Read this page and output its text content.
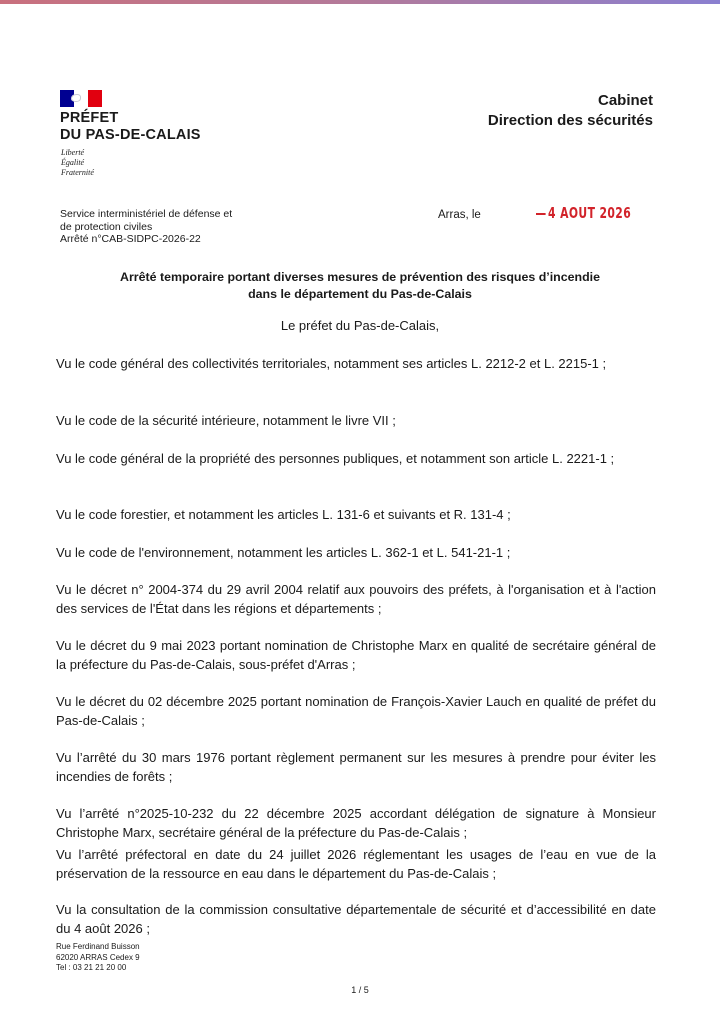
PRÉFET
DU PAS-DE-CALAIS
Liberté
Égalité
Fraternité
Cabinet
Direction des sécurités
Service interministériel de défense et
de protection civiles
Arrêté n°CAB-SIDPC-2026-22
Arras, le	4 AOUT 2026
Arrêté temporaire portant diverses mesures de prévention des risques d’incendie
dans le département du Pas-de-Calais
Le préfet du Pas-de-Calais,
Vu le code général des collectivités territoriales, notamment ses articles L. 2212-2 et L. 2215-1 ;
Vu le code de la sécurité intérieure, notamment le livre VII ;
Vu le code général de la propriété des personnes publiques, et notamment son article L. 2221-1 ;
Vu le code forestier, et notamment les articles L. 131-6 et suivants et R. 131-4 ;
Vu le code de l'environnement, notamment les articles L. 362-1 et L. 541-21-1 ;
Vu le décret n° 2004-374 du 29 avril 2004 relatif aux pouvoirs des préfets, à l'organisation et à l'action des services de l'État dans les régions et départements ;
Vu le décret du 9 mai 2023 portant nomination de Christophe Marx en qualité de secrétaire général de la préfecture du Pas-de-Calais, sous-préfet d'Arras ;
Vu le décret du 02 décembre 2025 portant nomination de François-Xavier Lauch en qualité de préfet du Pas-de-Calais ;
Vu l’arrêté du 30 mars 1976 portant règlement permanent sur les mesures à prendre pour éviter les incendies de forêts ;
Vu l’arrêté n°2025-10-232 du 22 décembre 2025 accordant délégation de signature à Monsieur Christophe Marx, secrétaire général de la préfecture du Pas-de-Calais ;
Vu l’arrêté préfectoral en date du 24 juillet 2026 réglementant les usages de l’eau en vue de la préservation de la ressource en eau dans le département du Pas-de-Calais ;
Vu la consultation de la commission consultative départementale de sécurité et d’accessibilité en date du 4 août 2026 ;
Rue Ferdinand Buisson
62020 ARRAS Cedex 9
Tel : 03 21 21 20 00
1 / 5
